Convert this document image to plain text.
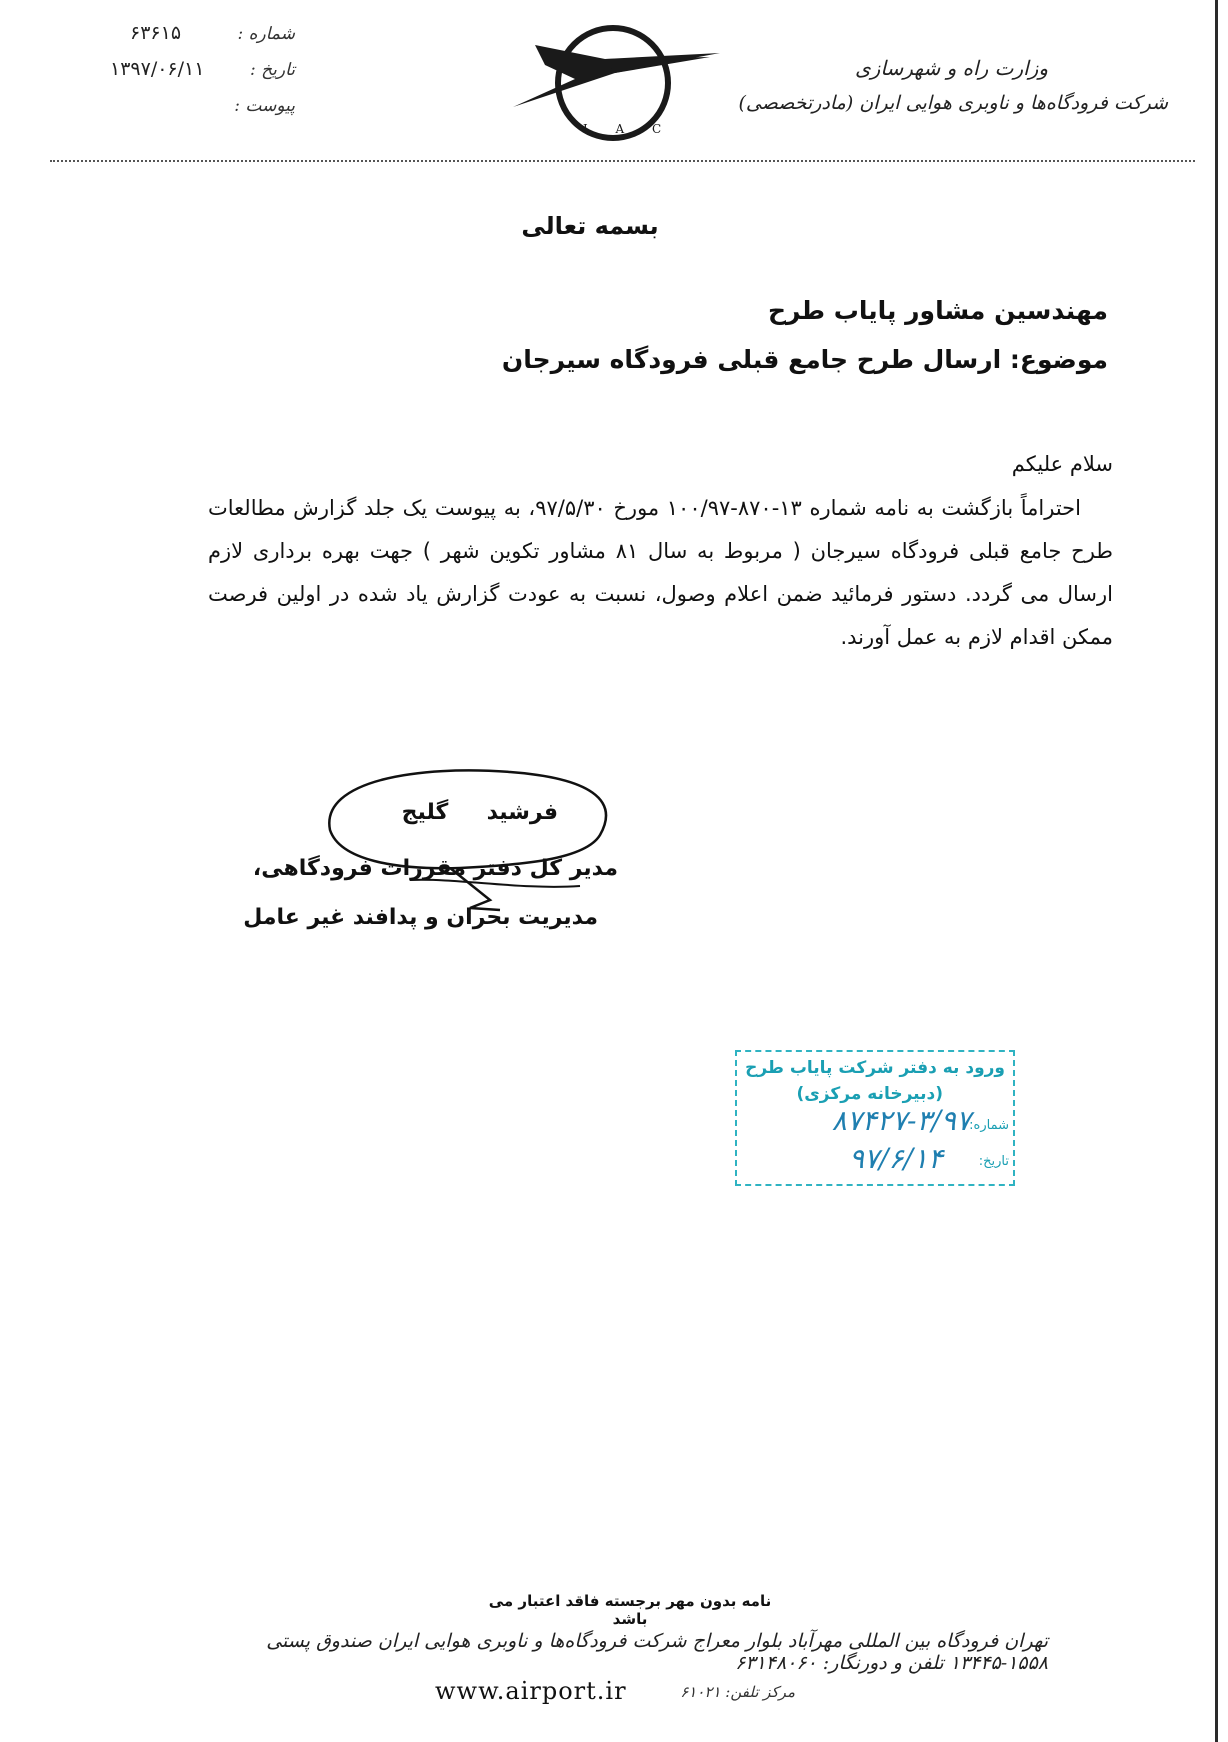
شماره :
۶۳۶۱۵
تاریخ :
۱۳۹۷/۰۶/۱۱
پیوست :
I A C
وزارت راه و شهرسازی
شرکت فرودگاه‌ها و ناوبری هوایی ایران (مادرتخصصی)
بسمه تعالی
مهندسین مشاور پایاب طرح
موضوع: ارسال طرح جامع قبلی فرودگاه سیرجان
سلام علیکم
احتراماً بازگشت به نامه شماره ۱۳-۸۷۰-۱۰۰/۹۷ مورخ ۹۷/۵/۳۰، به پیوست یک جلد گزارش مطالعات طرح جامع قبلی فرودگاه سیرجان ( مربوط به سال ۸۱ مشاور تکوین شهر ) جهت بهره برداری لازم ارسال می گردد. دستور فرمائید ضمن اعلام وصول، نسبت به عودت گزارش یاد شده در اولین فرصت ممکن اقدام لازم به عمل آورند.
فرشید     گلیج
مدیر کل دفتر مقررات فرودگاهی،
مدیریت بحران و پدافند غیر عامل
ورود به دفتر شرکت پایاب طرح
(دبیرخانه مرکزی)
شماره:
۸۷۴۲۷-۳/۹۷
تاریخ:
۹۷/۶/۱۴
نامه بدون مهر برجسته فاقد اعتبار می باشد
تهران فرودگاه بین المللی مهرآباد بلوار معراج شرکت فرودگاه‌ها و ناوبری هوایی ایران صندوق پستی ۱۵۵۸-۱۳۴۴۵ تلفن و دورنگار: ۶۳۱۴۸۰۶۰
www.airport.ir	مرکز تلفن: ۶۱۰۲۱
